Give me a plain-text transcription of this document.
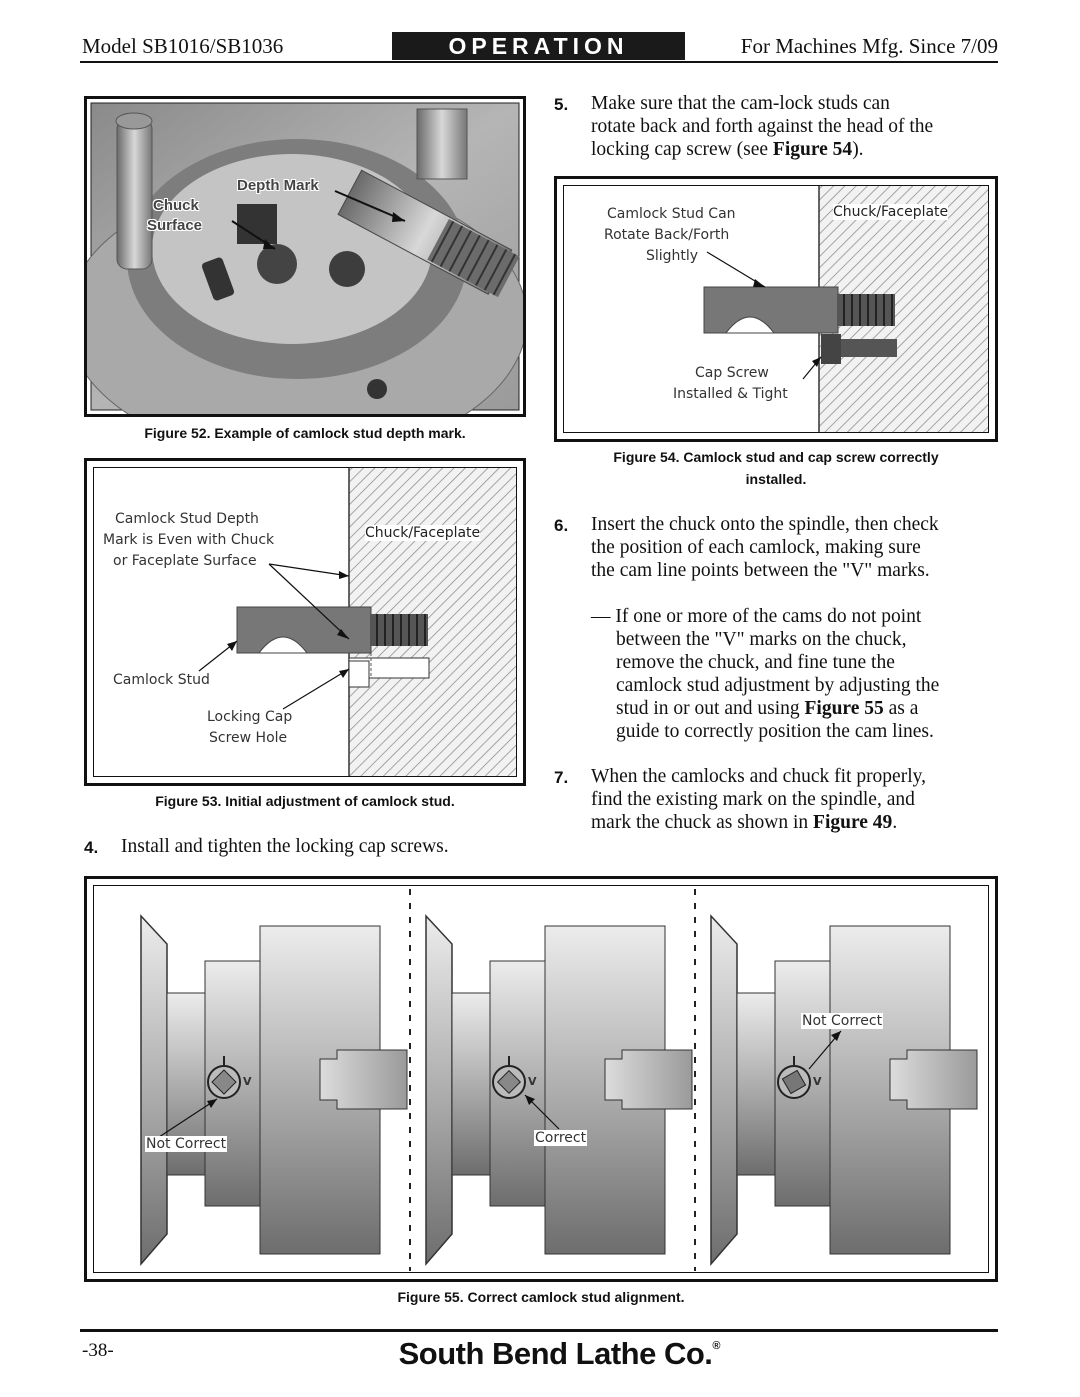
Model SB1016/SB1036	OPERATION	For Machines Mfg. Since 7/09
Depth Mark
Chuck
Surface
Figure 52. Example of camlock stud depth mark.
Camlock Stud Depth
Mark is Even with Chuck
or Faceplate Surface
Chuck/Faceplate
Camlock Stud
Locking Cap
Screw Hole
Figure 53. Initial adjustment of camlock stud.
4. Install and tighten the locking cap screws.
5. Make sure that the cam-lock studs can
rotate back and forth against the head of the
locking cap screw (see Figure 54).
Camlock Stud Can
Rotate Back/Forth
Slightly
Chuck/Faceplate
Cap Screw
Installed & Tight
Figure 54. Camlock stud and cap screw correctly
installed.
6. Insert the chuck onto the spindle, then check
the position of each camlock, making sure
the cam line points between the "V" marks.
— If one or more of the cams do not point
between the "V" marks on the chuck,
remove the chuck, and fine tune the
camlock stud adjustment by adjusting the
stud in or out and using Figure 55 as a
guide to correctly position the cam lines.
7. When the camlocks and chuck fit properly,
find the existing mark on the spindle, and
mark the chuck as shown in Figure 49.
V	V	V
Not Correct	Correct
Not Correct
Figure 55. Correct camlock stud alignment.
-38-	South Bend Lathe Co.®
